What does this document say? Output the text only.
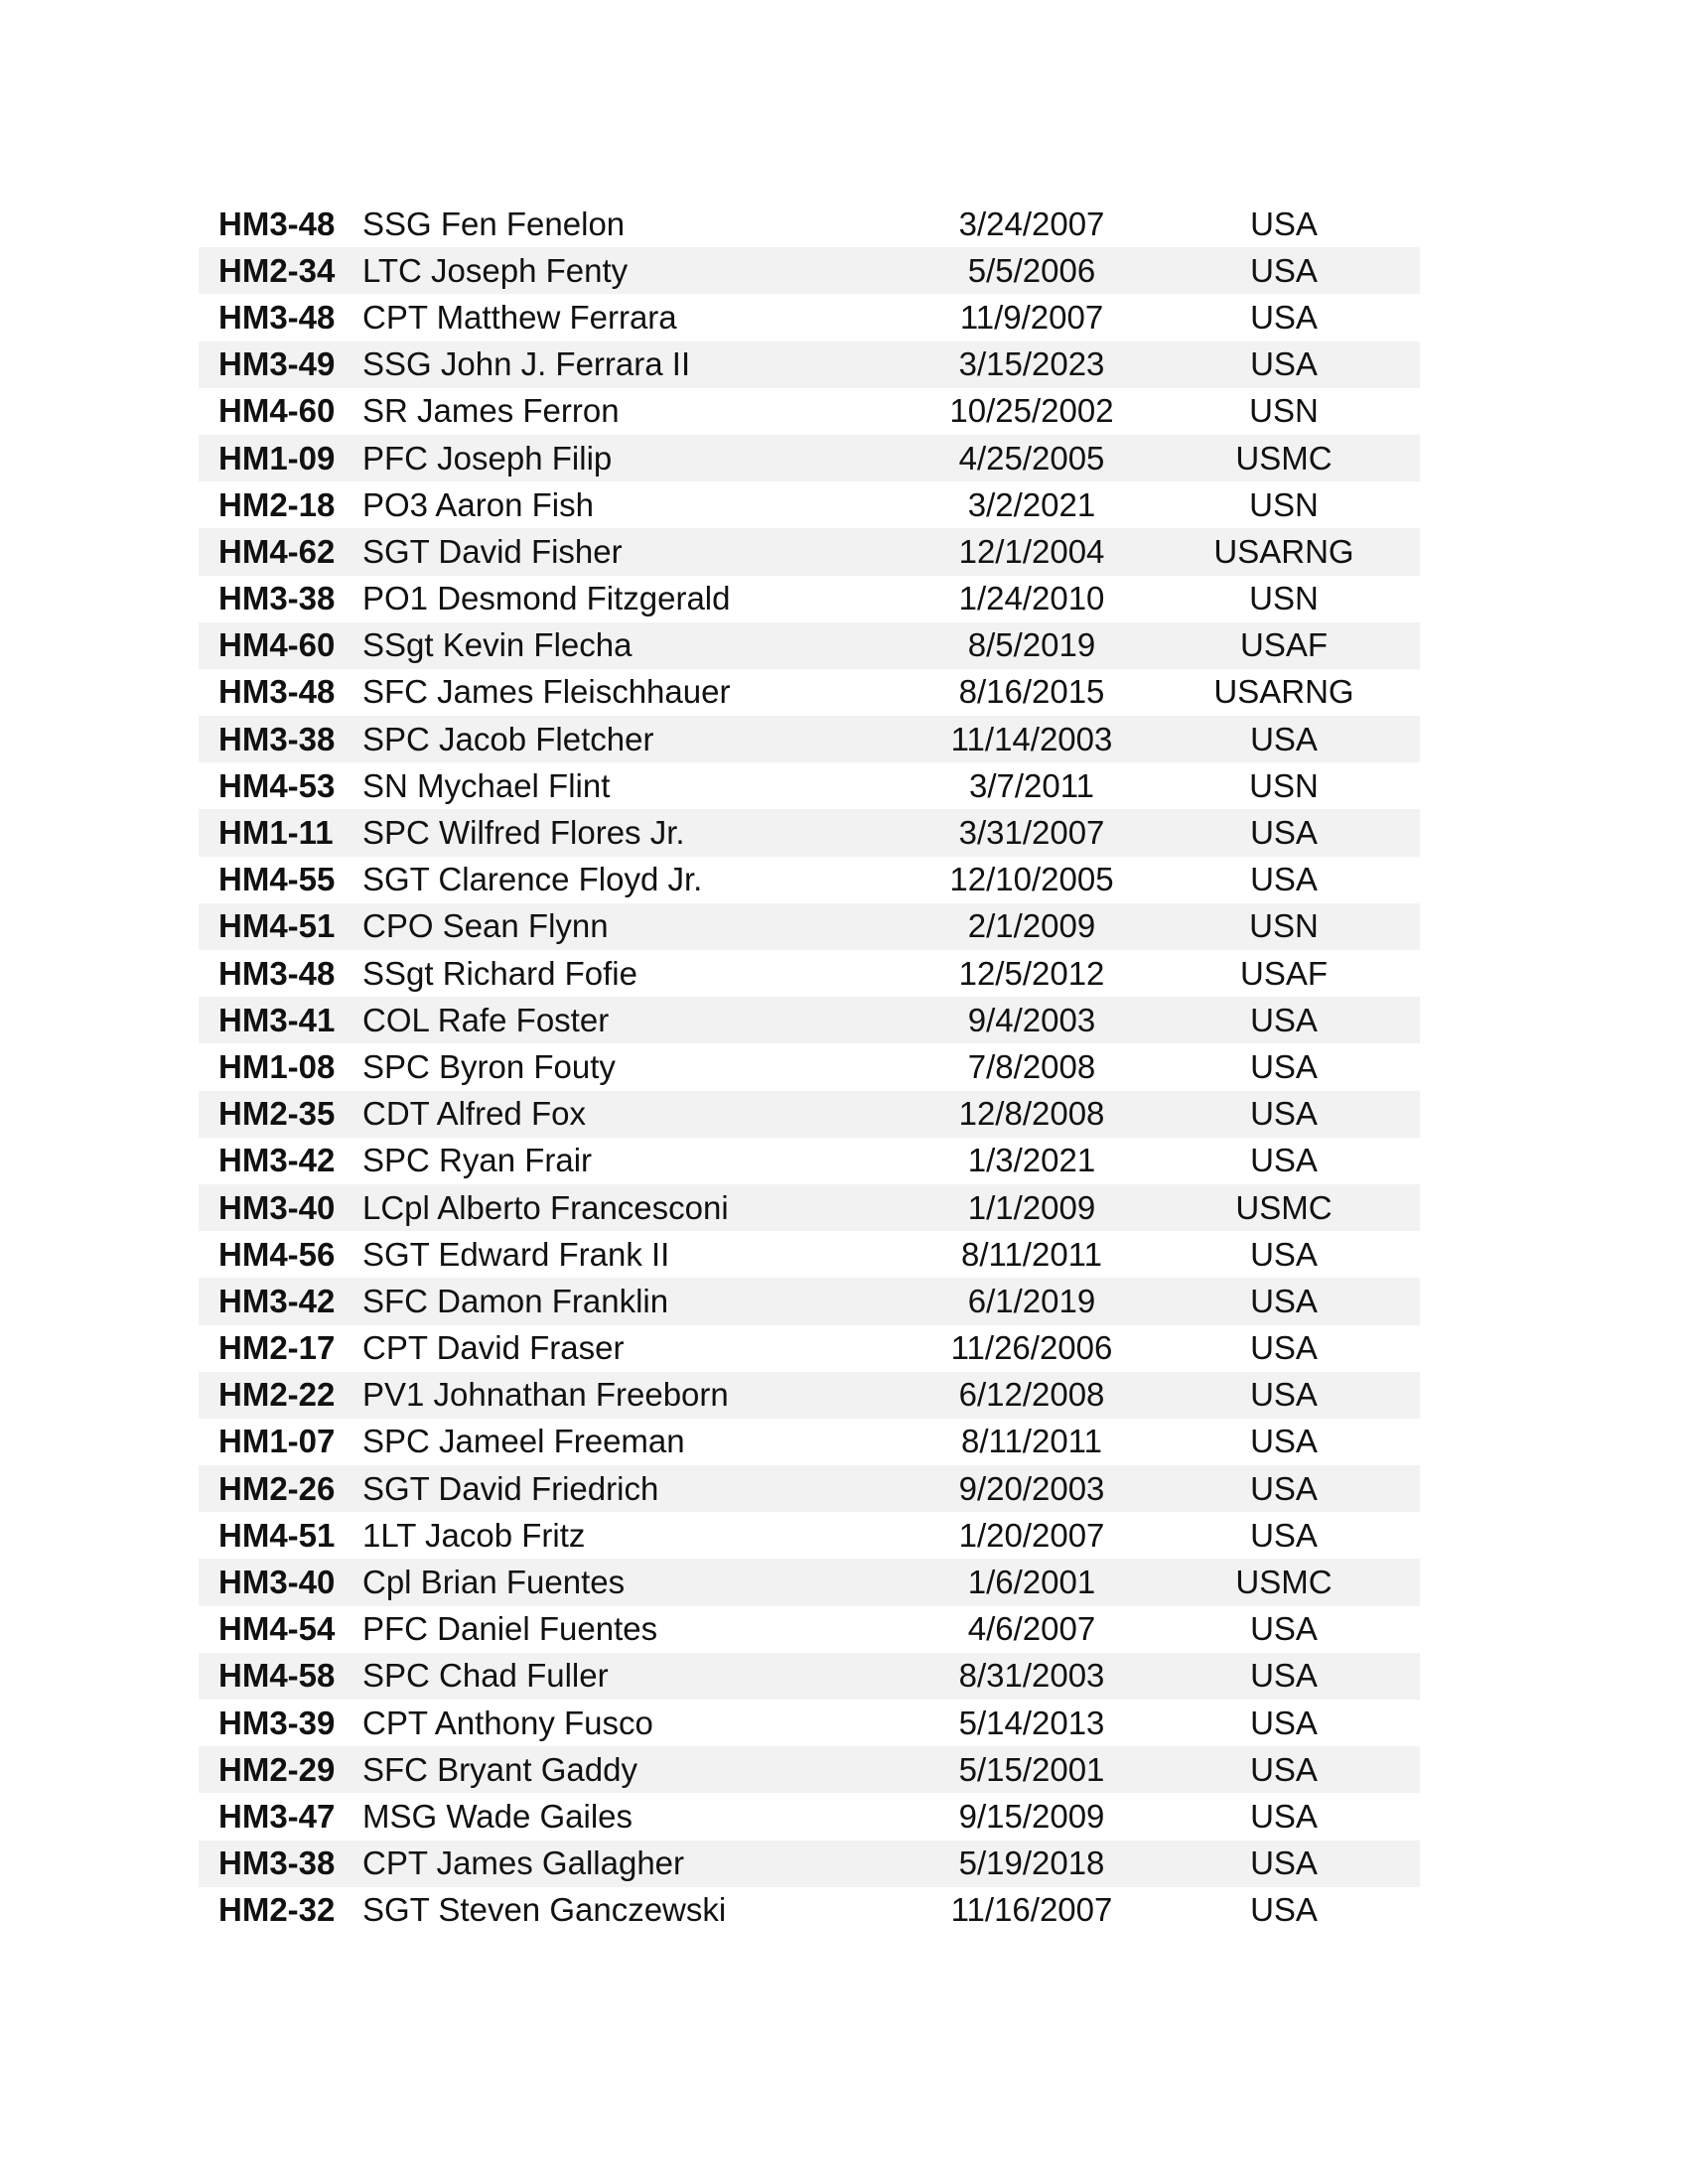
HM3-48 SSG Fen Fenelon	3/24/2007	USA
HM2-34 LTC Joseph Fenty	5/5/2006	USA
HM3-48 CPT Matthew Ferrara	11/9/2007	USA
HM3-49 SSG John J. Ferrara II	3/15/2023	USA
HM4-60 SR James Ferron	10/25/2002	USN
HM1-09 PFC Joseph Filip	4/25/2005	USMC
HM2-18 PO3 Aaron Fish	3/2/2021	USN
HM4-62 SGT David Fisher	12/1/2004	USARNG
HM3-38 PO1 Desmond Fitzgerald	1/24/2010	USN
HM4-60 SSgt Kevin Flecha	8/5/2019	USAF
HM3-48 SFC James Fleischhauer	8/16/2015	USARNG
HM3-38 SPC Jacob Fletcher	11/14/2003	USA
HM4-53 SN Mychael Flint	3/7/2011	USN
HM1-11 SPC Wilfred Flores Jr.	3/31/2007	USA
HM4-55 SGT Clarence Floyd Jr.	12/10/2005	USA
HM4-51 CPO Sean Flynn	2/1/2009	USN
HM3-48 SSgt Richard Fofie	12/5/2012	USAF
HM3-41 COL Rafe Foster	9/4/2003	USA
HM1-08 SPC Byron Fouty	7/8/2008	USA
HM2-35 CDT Alfred Fox	12/8/2008	USA
HM3-42 SPC Ryan Frair	1/3/2021	USA
HM3-40 LCpl Alberto Francesconi	1/1/2009	USMC
HM4-56 SGT Edward Frank II	8/11/2011	USA
HM3-42 SFC Damon Franklin	6/1/2019	USA
HM2-17 CPT David Fraser	11/26/2006	USA
HM2-22 PV1 Johnathan Freeborn	6/12/2008	USA
HM1-07 SPC Jameel Freeman	8/11/2011	USA
HM2-26 SGT David Friedrich	9/20/2003	USA
HM4-51 1LT Jacob Fritz	1/20/2007	USA
HM3-40 Cpl Brian Fuentes	1/6/2001	USMC
HM4-54 PFC Daniel Fuentes	4/6/2007	USA
HM4-58 SPC Chad Fuller	8/31/2003	USA
HM3-39 CPT Anthony Fusco	5/14/2013	USA
HM2-29 SFC Bryant Gaddy	5/15/2001	USA
HM3-47 MSG Wade Gailes	9/15/2009	USA
HM3-38 CPT James Gallagher	5/19/2018	USA
HM2-32 SGT Steven Ganczewski	11/16/2007	USA
